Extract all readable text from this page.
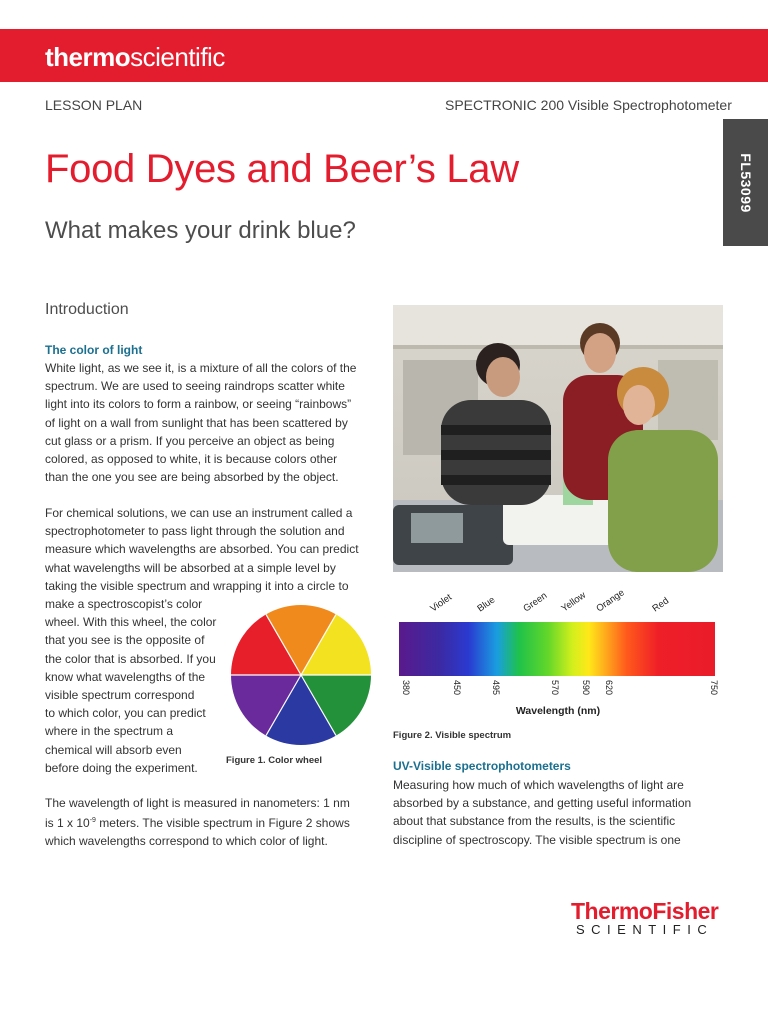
thermoscientific
LESSON PLAN	SPECTRONIC 200 Visible Spectrophotometer
FL53099
Food Dyes and Beer’s Law
What makes your drink blue?
Introduction
The color of light
White light, as we see it, is a mixture of all the colors of the
spectrum. We are used to seeing raindrops scatter white
light into its colors to form a rainbow, or seeing “rainbows”
of light on a wall from sunlight that has been scattered by
cut glass or a prism. If you perceive an object as being
colored, as opposed to white, it is because colors other
than the one you see are being absorbed by the object.
For chemical solutions, we can use an instrument called a
spectrophotometer to pass light through the solution and
measure which wavelengths are absorbed. You can predict
what wavelengths will be absorbed at a simple level by
taking the visible spectrum and wrapping it into a circle to
make a spectroscopist’s color
wheel. With this wheel, the color
that you see is the opposite of
the color that is absorbed. If you
know what wavelengths of the
visible spectrum correspond
to which color, you can predict
where in the spectrum a
chemical will absorb even
before doing the experiment.
Figure 1. Color wheel
The wavelength of light is measured in nanometers: 1 nm
is 1 x $10^{-9}$ meters. The visible spectrum in Figure 2 shows
which wavelengths correspond to which color of light.
Violet Blue	Green Yellow Orange Red
380	450	495	570 590 620	750
Wavelength (nm)
Figure 2. Visible spectrum
UV-Visible spectrophotometers
Measuring how much of which wavelengths of light are
absorbed by a substance, and getting useful information
about that substance from the results, is the scientific
discipline of spectroscopy. The visible spectrum is one
ThermoFisher
SCIENTIFIC
